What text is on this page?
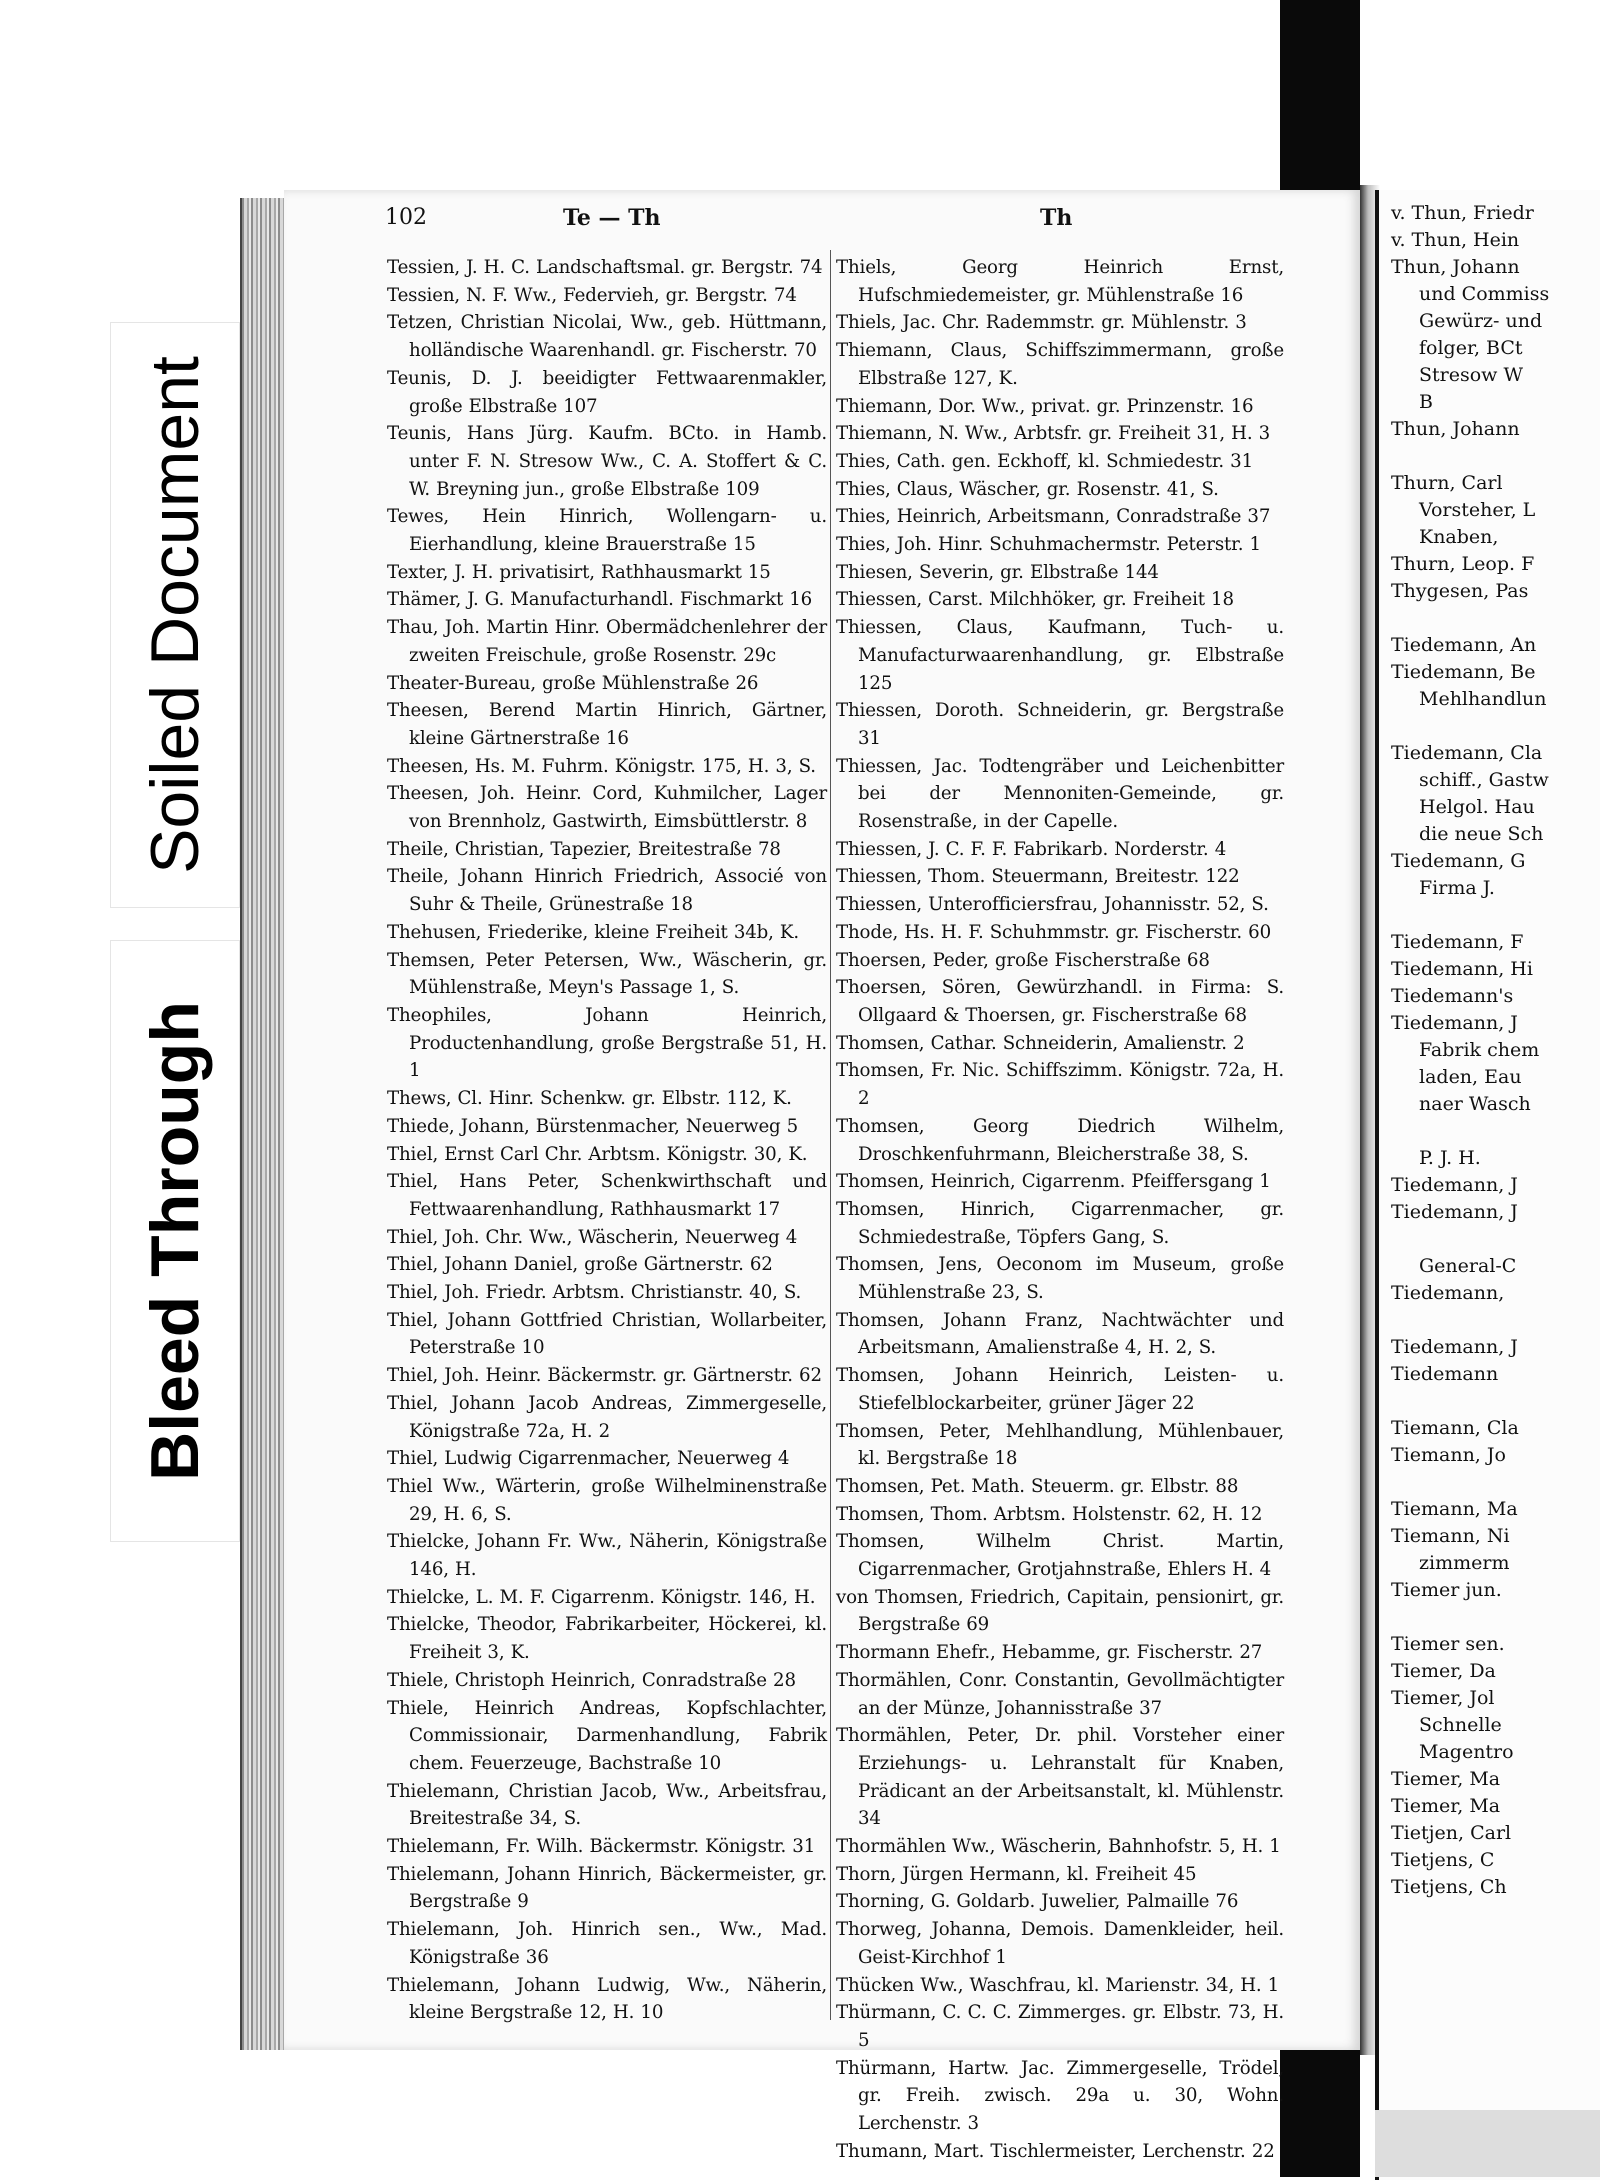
Soiled Document
Bleed Through
v. Thun, Friedr
v. Thun, Hein
Thun, Johann
und Commiss
Gewürz- und
folger, BCt
Stresow W
B
Thun, Johann
Thurn, Carl
Vorsteher, L
Knaben,
Thurn, Leop. F
Thygesen, Pas
Tiedemann, An
Tiedemann, Be
Mehlhandlun
Tiedemann, Cla
schiff., Gastw
Helgol. Hau
die neue Sch
Tiedemann, G
Firma J.
Tiedemann, F
Tiedemann, Hi
Tiedemann's
Tiedemann, J
Fabrik chem
laden, Eau
naer Wasch
P. J. H.
Tiedemann, J
Tiedemann, J
General-C
Tiedemann,
Tiedemann, J
Tiedemann
Tiemann, Cla
Tiemann, Jo
Tiemann, Ma
Tiemann, Ni
zimmerm
Tiemer jun.
Tiemer sen.
Tiemer, Da
Tiemer, Jol
Schnelle
Magentro
Tiemer, Ma
Tiemer, Ma
Tietjen, Carl
Tietjens, C
Tietjens, Ch
102	Te — Th	Th
Tessien, J. H. C. Landschaftsmal. gr. Bergstr. 74
Tessien, N. F. Ww., Federvieh, gr. Bergstr. 74
Tetzen, Christian Nicolai, Ww., geb. Hüttmann, holländische Waarenhandl. gr. Fischerstr. 70
Teunis, D. J. beeidigter Fettwaarenmakler, große Elbstraße 107
Teunis, Hans Jürg. Kaufm. BCto. in Hamb. unter F. N. Stresow Ww., C. A. Stoffert & C. W. Breyning jun., große Elbstraße 109
Tewes, Hein Hinrich, Wollengarn- u. Eierhandlung, kleine Brauerstraße 15
Texter, J. H. privatisirt, Rathhausmarkt 15
Thämer, J. G. Manufacturhandl. Fischmarkt 16
Thau, Joh. Martin Hinr. Obermädchenlehrer der zweiten Freischule, große Rosenstr. 29c
Theater-Bureau, große Mühlenstraße 26
Theesen, Berend Martin Hinrich, Gärtner, kleine Gärtnerstraße 16
Theesen, Hs. M. Fuhrm. Königstr. 175, H. 3, S.
Theesen, Joh. Heinr. Cord, Kuhmilcher, Lager von Brennholz, Gastwirth, Eimsbüttlerstr. 8
Theile, Christian, Tapezier, Breitestraße 78
Theile, Johann Hinrich Friedrich, Associé von Suhr & Theile, Grünestraße 18
Thehusen, Friederike, kleine Freiheit 34b, K.
Themsen, Peter Petersen, Ww., Wäscherin, gr. Mühlenstraße, Meyn's Passage 1, S.
Theophiles, Johann Heinrich, Productenhandlung, große Bergstraße 51, H. 1
Thews, Cl. Hinr. Schenkw. gr. Elbstr. 112, K.
Thiede, Johann, Bürstenmacher, Neuerweg 5
Thiel, Ernst Carl Chr. Arbtsm. Königstr. 30, K.
Thiel, Hans Peter, Schenkwirthschaft und Fettwaarenhandlung, Rathhausmarkt 17
Thiel, Joh. Chr. Ww., Wäscherin, Neuerweg 4
Thiel, Johann Daniel, große Gärtnerstr. 62
Thiel, Joh. Friedr. Arbtsm. Christianstr. 40, S.
Thiel, Johann Gottfried Christian, Wollarbeiter, Peterstraße 10
Thiel, Joh. Heinr. Bäckermstr. gr. Gärtnerstr. 62
Thiel, Johann Jacob Andreas, Zimmergeselle, Königstraße 72a, H. 2
Thiel, Ludwig Cigarrenmacher, Neuerweg 4
Thiel Ww., Wärterin, große Wilhelminenstraße 29, H. 6, S.
Thielcke, Johann Fr. Ww., Näherin, Königstraße 146, H.
Thielcke, L. M. F. Cigarrenm. Königstr. 146, H.
Thielcke, Theodor, Fabrikarbeiter, Höckerei, kl. Freiheit 3, K.
Thiele, Christoph Heinrich, Conradstraße 28
Thiele, Heinrich Andreas, Kopfschlachter, Commissionair, Darmenhandlung, Fabrik chem. Feuerzeuge, Bachstraße 10
Thielemann, Christian Jacob, Ww., Arbeitsfrau, Breitestraße 34, S.
Thielemann, Fr. Wilh. Bäckermstr. Königstr. 31
Thielemann, Johann Hinrich, Bäckermeister, gr. Bergstraße 9
Thielemann, Joh. Hinrich sen., Ww., Mad. Königstraße 36
Thielemann, Johann Ludwig, Ww., Näherin, kleine Bergstraße 12, H. 10
Thiels, Georg Heinrich Ernst, Hufschmiedemeister, gr. Mühlenstraße 16
Thiels, Jac. Chr. Rademmstr. gr. Mühlenstr. 3
Thiemann, Claus, Schiffszimmermann, große Elbstraße 127, K.
Thiemann, Dor. Ww., privat. gr. Prinzenstr. 16
Thiemann, N. Ww., Arbtsfr. gr. Freiheit 31, H. 3
Thies, Cath. gen. Eckhoff, kl. Schmiedestr. 31
Thies, Claus, Wäscher, gr. Rosenstr. 41, S.
Thies, Heinrich, Arbeitsmann, Conradstraße 37
Thies, Joh. Hinr. Schuhmachermstr. Peterstr. 1
Thiesen, Severin, gr. Elbstraße 144
Thiessen, Carst. Milchhöker, gr. Freiheit 18
Thiessen, Claus, Kaufmann, Tuch- u. Manufacturwaarenhandlung, gr. Elbstraße 125
Thiessen, Doroth. Schneiderin, gr. Bergstraße 31
Thiessen, Jac. Todtengräber und Leichenbitter bei der Mennoniten-Gemeinde, gr. Rosenstraße, in der Capelle.
Thiessen, J. C. F. F. Fabrikarb. Norderstr. 4
Thiessen, Thom. Steuermann, Breitestr. 122
Thiessen, Unterofficiersfrau, Johannisstr. 52, S.
Thode, Hs. H. F. Schuhmmstr. gr. Fischerstr. 60
Thoersen, Peder, große Fischerstraße 68
Thoersen, Sören, Gewürzhandl. in Firma: S. Ollgaard & Thoersen, gr. Fischerstraße 68
Thomsen, Cathar. Schneiderin, Amalienstr. 2
Thomsen, Fr. Nic. Schiffszimm. Königstr. 72a, H. 2
Thomsen, Georg Diedrich Wilhelm, Droschkenfuhrmann, Bleicherstraße 38, S.
Thomsen, Heinrich, Cigarrenm. Pfeiffersgang 1
Thomsen, Hinrich, Cigarrenmacher, gr. Schmiedestraße, Töpfers Gang, S.
Thomsen, Jens, Oeconom im Museum, große Mühlenstraße 23, S.
Thomsen, Johann Franz, Nachtwächter und Arbeitsmann, Amalienstraße 4, H. 2, S.
Thomsen, Johann Heinrich, Leisten- u. Stiefelblockarbeiter, grüner Jäger 22
Thomsen, Peter, Mehlhandlung, Mühlenbauer, kl. Bergstraße 18
Thomsen, Pet. Math. Steuerm. gr. Elbstr. 88
Thomsen, Thom. Arbtsm. Holstenstr. 62, H. 12
Thomsen, Wilhelm Christ. Martin, Cigarrenmacher, Grotjahnstraße, Ehlers H. 4
von Thomsen, Friedrich, Capitain, pensionirt, gr. Bergstraße 69
Thormann Ehefr., Hebamme, gr. Fischerstr. 27
Thormählen, Conr. Constantin, Gevollmächtigter an der Münze, Johannisstraße 37
Thormählen, Peter, Dr. phil. Vorsteher einer Erziehungs- u. Lehranstalt für Knaben, Prädicant an der Arbeitsanstalt, kl. Mühlenstr. 34
Thormählen Ww., Wäscherin, Bahnhofstr. 5, H. 1
Thorn, Jürgen Hermann, kl. Freiheit 45
Thorning, G. Goldarb. Juwelier, Palmaille 76
Thorweg, Johanna, Demois. Damenkleider, heil. Geist-Kirchhof 1
Thücken Ww., Waschfrau, kl. Marienstr. 34, H. 1
Thürmann, C. C. C. Zimmerges. gr. Elbstr. 73, H. 5
Thürmann, Hartw. Jac. Zimmergeselle, Trödel, gr. Freih. zwisch. 29a u. 30, Wohn. Lerchenstr. 3
Thumann, Mart. Tischlermeister, Lerchenstr. 22
